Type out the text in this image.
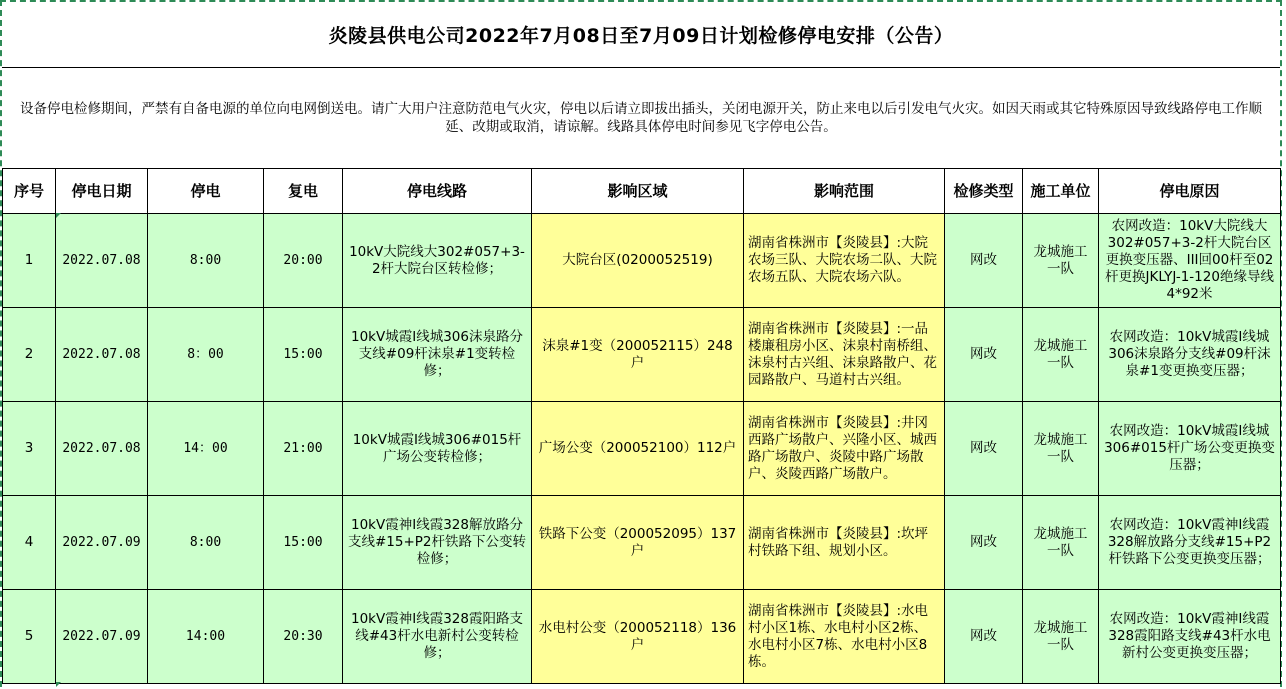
炎陵县供电公司2022年7月08日至7月09日计划检修停电安排（公告）
设备停电检修期间，严禁有自备电源的单位向电网倒送电。请广大用户注意防范电气火灾，停电以后请立即拔出插头，关闭电源开关，防止来电以后引发电气火灾。如因天雨或其它特殊原因导致线路停电工作顺延、改期或取消，请谅解。线路具体停电时间参见飞字停电公告。
序号	停电日期	停电	复电	停电线路	影响区域	影响范围	检修类型	施工单位	停电原因
1	2022.07.08	8:00	20:00	10kV大院线大302#057+3-2杆大院台区转检修；	大院台区(0200052519)	湖南省株洲市【炎陵县】:大院农场三队、大院农场二队、大院农场五队、大院农场六队。	网改	龙城施工一队	农网改造：10kV大院线大302#057+3-2杆大院台区更换变压器、III回00杆至02杆更换JKLYJ-1-120绝缘导线4*92米
2	2022.07.08	8：00	15:00	10kV城霞I线城306沫泉路分支线#09杆沫泉#1变转检修；	沫泉#1变（200052115）248户	湖南省株洲市【炎陵县】:一品楼廉租房小区、沫泉村南桥组、沫泉村古兴组、沫泉路散户、花园路散户、马道村古兴组。	网改	龙城施工一队	农网改造：10kV城霞I线城306沫泉路分支线#09杆沫泉#1变更换变压器；
3	2022.07.08	14：00	21:00	10kV城霞I线城306#015杆广场公变转检修；	广场公变（200052100）112户	湖南省株洲市【炎陵县】:井冈西路广场散户、兴隆小区、城西路广场散户、炎陵中路广场散户、炎陵西路广场散户。	网改	龙城施工一队	农网改造：10kV城霞I线城306#015杆广场公变更换变压器；
4	2022.07.09	8:00	15:00	10kV霞神I线霞328解放路分支线#15+P2杆铁路下公变转检修；	铁路下公变（200052095）137户	湖南省株洲市【炎陵县】:坎坪村铁路下组、规划小区。	网改	龙城施工一队	农网改造：10kV霞神I线霞328解放路分支线#15+P2杆铁路下公变更换变压器；
5	2022.07.09	14:00	20:30	10kV霞神I线霞328霞阳路支线#43杆水电新村公变转检修；	水电村公变（200052118）136户	湖南省株洲市【炎陵县】:水电村小区1栋、水电村小区2栋、水电村小区7栋、水电村小区8栋。	网改	龙城施工一队	农网改造：10kV霞神I线霞328霞阳路支线#43杆水电新村公变更换变压器；
